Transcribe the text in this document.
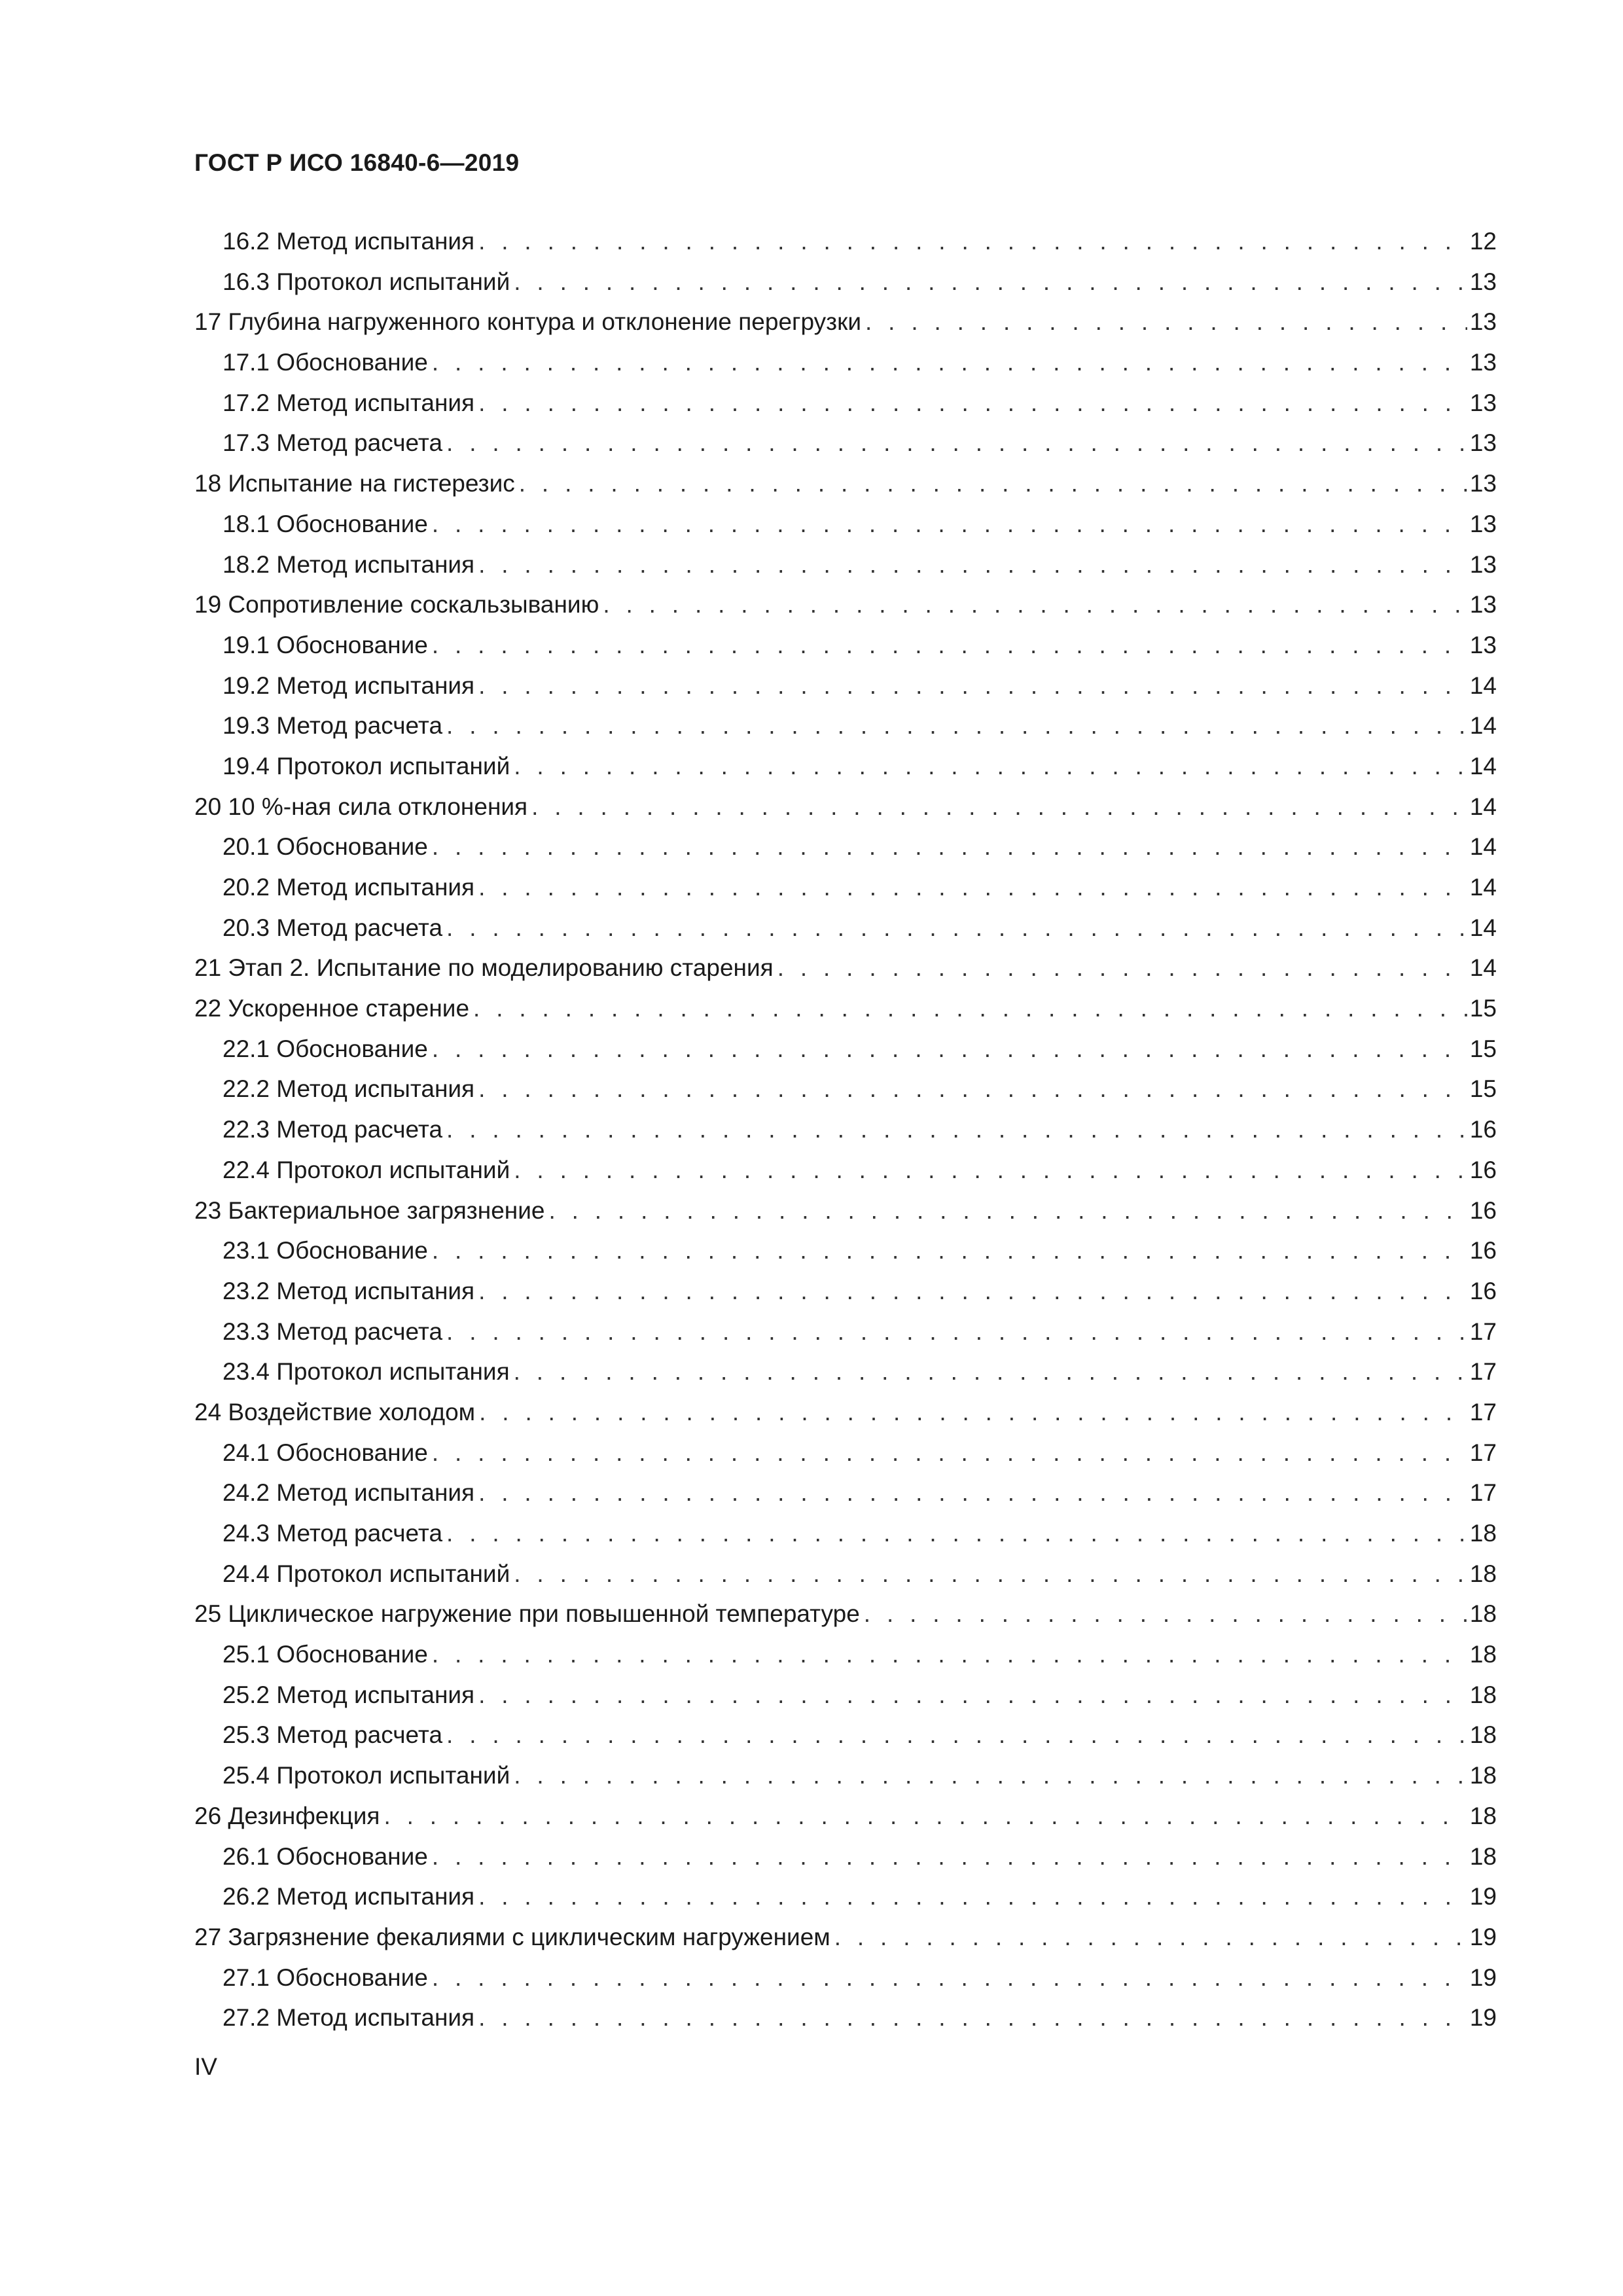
ГОСТ Р ИСО 16840-6—2019
16.2 Метод испытания . . .	12
16.3 Протокол испытаний . . .	13
17 Глубина нагруженного контура и отклонение перегрузки . . .	13
17.1 Обоснование . . .	13
17.2 Метод испытания . . .	13
17.3 Метод расчета . . .	13
18 Испытание на гистерезис . . .	13
18.1 Обоснование . . .	13
18.2 Метод испытания . . .	13
19 Сопротивление соскальзыванию . . .	13
19.1 Обоснование . . .	13
19.2 Метод испытания . . .	14
19.3 Метод расчета . . .	14
19.4 Протокол испытаний . . .	14
20 10 %-ная сила отклонения . . .	14
20.1 Обоснование . . .	14
20.2 Метод испытания . . .	14
20.3 Метод расчета . . .	14
21 Этап 2. Испытание по моделированию старения . . .	14
22 Ускоренное старение . . .	15
22.1 Обоснование . . .	15
22.2 Метод испытания . . .	15
22.3 Метод расчета . . .	16
22.4 Протокол испытаний . . .	16
23 Бактериальное загрязнение . . .	16
23.1 Обоснование . . .	16
23.2 Метод испытания . . .	16
23.3 Метод расчета . . .	17
23.4 Протокол испытания . . .	17
24 Воздействие холодом . . .	17
24.1 Обоснование . . .	17
24.2 Метод испытания . . .	17
24.3 Метод расчета . . .	18
24.4 Протокол испытаний . . .	18
25 Циклическое нагружение при повышенной температуре . . .	18
25.1 Обоснование . . .	18
25.2 Метод испытания . . .	18
25.3 Метод расчета . . .	18
25.4 Протокол испытаний . . .	18
26 Дезинфекция . . .	18
26.1 Обоснование . . .	18
26.2 Метод испытания . . .	19
27 Загрязнение фекалиями с циклическим нагружением . . .	19
27.1 Обоснование . . .	19
27.2 Метод испытания . . .	19
IV
